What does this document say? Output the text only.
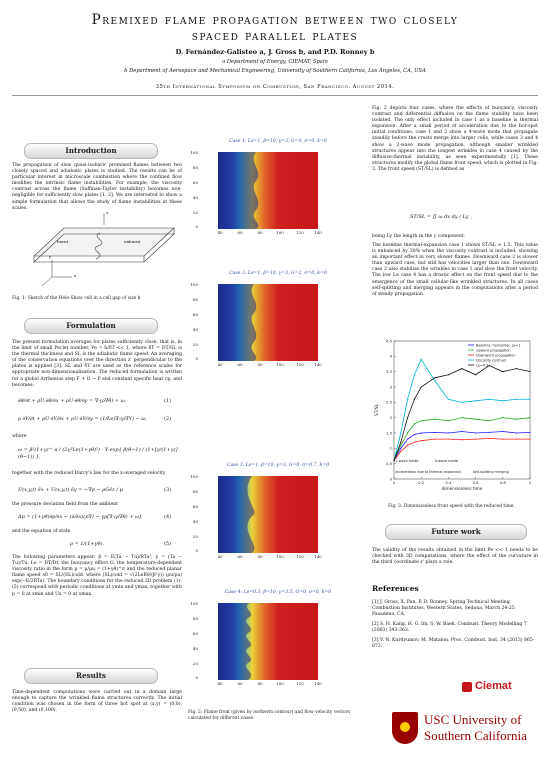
Premixed flame propagation between two closely
spaced parallel plates
D. Fernández-Galisteo a, J. Gross b, and P.D. Ronney b
a Department of Energy, CIEMAT, Spain
b Department of Aerospace and Mechanical Engineering, University of Southern California, Los Angeles, CA, USA
35th International Symposium on Combustion, San Francisco. August 2014.
Introduction
The propagation of slow quasi-isobaric premixed flames between two closely spaced and adiabatic plates is studied. The results can be of particular interest in microscale combustion where the confined flow modifies the intrinsic flame instabilities. For example, the viscosity contrast across the flame (Saffman-Taylor instability) becomes non-negligible for sufficiently slow plates [1, 2]. We are interested to show a simple formulation that allows the study of flame instabilities at these scales.
burnt	unburnt
x
y
z
Fig. 1: Sketch of the Hele-Shaw cell in a cell gap of size h
Formulation
The present formulation averages for plates sufficiently close, that is, in the limit of small Peclet number, Pe = h/δT << 1, where δT = DT/SL is the thermal thickness and SL is the adiabatic flame speed. An averaging of the conservation equations over the direction z' perpendicular to the plates is applied [3]. SL and δT are used as the reference scales for appropriate non-dimensionalization. The reduced formulation is written for a global Arrhenius step F + O → P and constant specific heat cp, and becomes:
∂θ/∂t + ρU·∂θ/∂x + ρU·∂θ/∂y = ∇·(ρ∇θ) + ω,	(1)
ρ ∂Y/∂t + ρU·∂Y/∂x + ρU·∂Y/∂y = (1/Le)∇·(ρ∇Y) − ω,	(2)
where
ω = β²(1+γ)^-a / (2γ²Le(1+γθ)²) · Y exp{ β(θ−1) / (1+[γ/(1+γ)](θ−1)) },
together with the reduced Darcy's law for the x-averaged velocity
U(x,y,t) êx + U(x,y,t) êy = −∇p − ρGêz / μ	(3)
the pressure deviation field from the ambient
Δp = (1+γθ)∂p/∂x − (∂/∂x)(p∇) − γρ[∇·(ρ∇θ) + ω],	(4)
and the equation of state
ρ = 1/(1+γθ).	(5)
The following parameters appear: β = E(Ta − Tu)/RTa², γ = (Ta − Tu)/Tu, Le = DT/Df, the buoyancy effect G, the temperature-dependent viscosity ratio in the form μ = μ/μu = (1+γθ)^σ and the reduced planar flame speed s0 = SL/(SL)cold, where (SL)cold = √(2LeB0/(β²γ)) (ρu/ρa) exp(−E/2RTa). The boundary conditions for the reduced 2D problem (1)-(5) correspond with periodic conditions at ymin and ymax, together with p = 0 at xmin and Ux = 0 at xmax.
Results
Time-dependent computations were carried out in a domain large enough to capture the wrinkled flame structures correctly. The initial condition was chosen in the form of three hot spot at (x,y) = (0,0), (0,50), and (0,100).
Case 1: Le=1, β=10, γ=3, G=0, σ=0, k=0
100
80
60
40
20
0
40	60	80	100	120	140
Case 2: Le=1, β=10, γ=3, G=2, σ=0, k=0
100
80
60
40
20
0
40	60	80	100	120	140
Case 3: Le=1, β=10, γ=3, G=0, σ=0.7, k=0
100
80
60
40
20
0
40	60	80	100	120	140
Case 4: Le=0.3, β=10, γ=3.5, G=0, σ=0, k=0
100
80
60
40
20
0
40	60	80	100	120	140
Fig. 2: Flame front (given by isotherm contour) and flow velocity vectors calculated for different cases.
Fig. 2 depicts four cases, where the effects of buoyancy, viscosity contrast and differential diffusion on the flame stability have been isolated. The only effect included in case 1 as a baseline is thermal expansion. After a small period of acceleration due to the hot-spot initial conditions, case 1 and 2 show a 4-wave mode that propagate steadily before the crests merge into larger cells, while cases 3 and 4 show a 2-wave mode propagation, although smaller wrinkled structures appear into the longest wrinkles in case 4 caused by the diffusive-thermal instability, as seen experimentally [1]. These structures modify the global flame front speed, which is plotted in Fig. 3. The front speed (ST/SL) is defined as
ST/SL = ∬ ω dx dy / Ly ,
being Ly the length in the y component.
The baseline thermal-expansion case 1 shows ST/SL ≈ 1.5. This value is enhanced by 30% when the viscosity contrast is included, showing an important effect in very slower flames. Downward case 2 is slower than upward case, but still has velocities larger than one. Downward case 2 also stabilize the wrinkles in case 1 and slow the front velocity. The low Le case 4 has a drastic effect on the front speed due to the emergence of the small cellular-like wrinkled structures. In all cases self-splitting and merging appears in the computations after a period of steady propagation.
0
0.5
1
1.5
2
2.5
3
3.5
4
4.5
0	0.2	0.4	0.6	0.8	1
dimensionless time
ST/SL
Baseline, horizontal, Le=1
Upward propagation
Downward propagation
Viscosity contrast
Le=0.3
2-wave mode	4-wave mode
acceleration due to thermal expansion	self-splitting merging
Fig. 3: Dimensionless front speed with the reduced time.
Future work
The validity of the results obtained in the limit Pe << 1 needs to be checked with 3D computations, where the effect of the curvature in the third coordinate z' plays a role.
References
[1] J. Gross, X. Pan, P. D. Ronney. Spring Technical Meeting, Combustion Institutes, Western States, Sedona, March 24-25, Pasadena, CA.
[2] S. H. Kang, H. G. Im, S. W. Baek. Combust. Theory Modelling 7 (2003) 343-363.
[3] V. N. Kurdyumov, M. Matalon. Proc. Combust. Inst. 34 (2013) 865-872.
Ciemat
USC University of
Southern California
